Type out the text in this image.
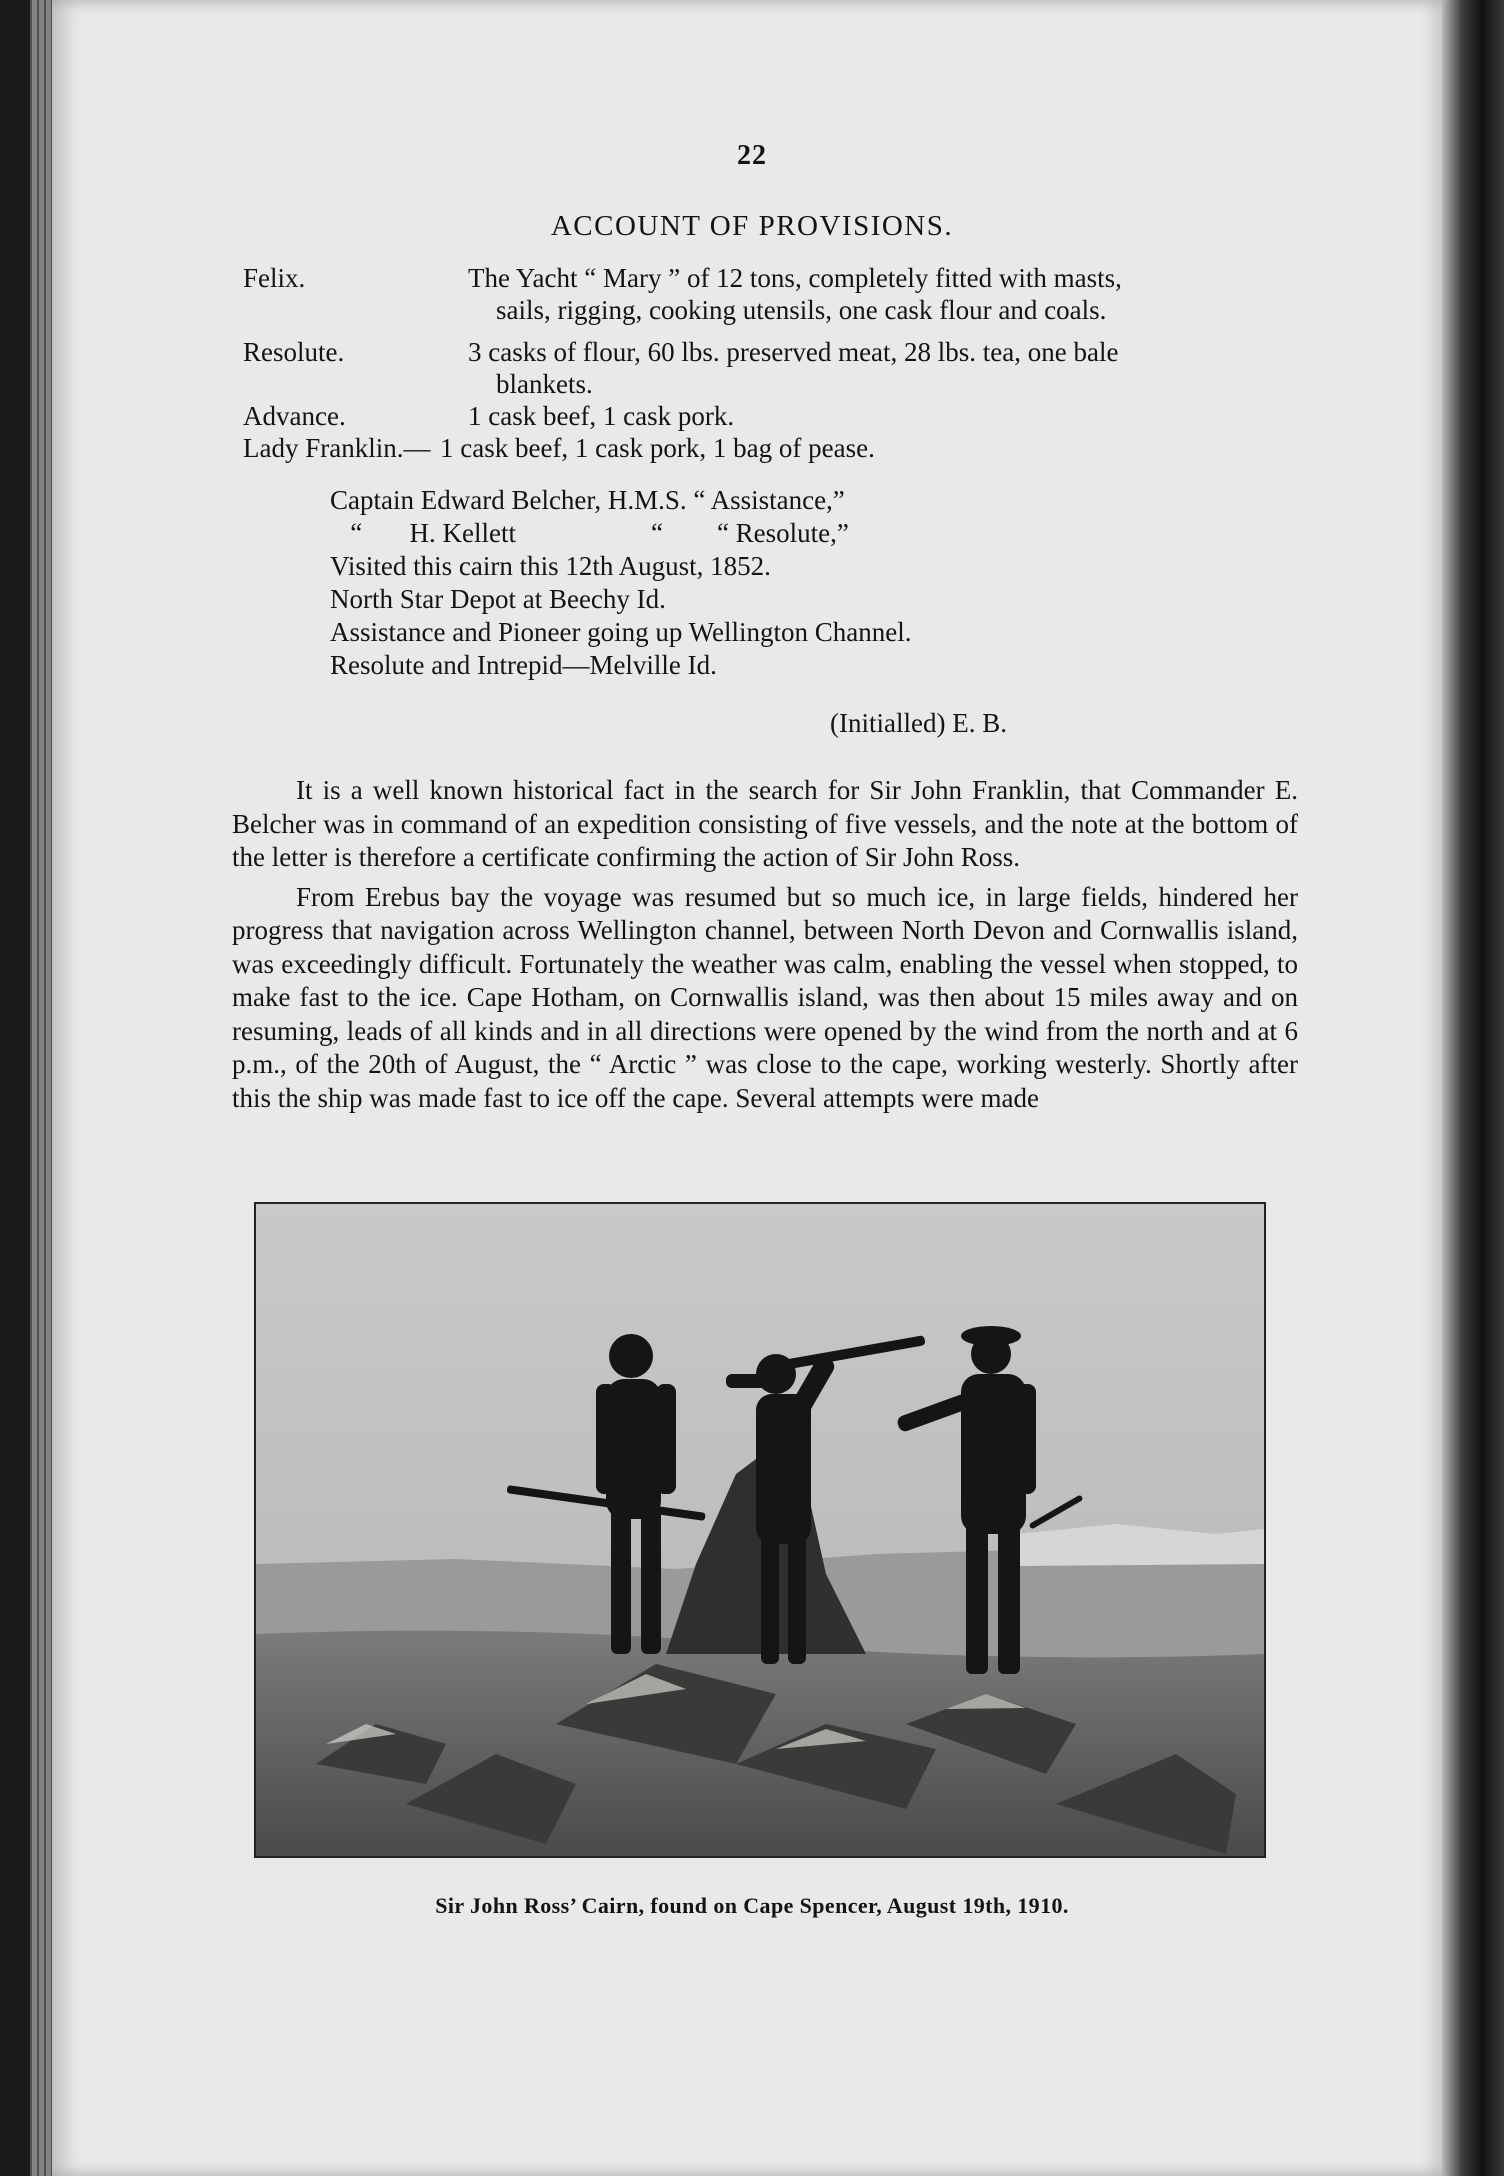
22
ACCOUNT OF PROVISIONS.
Felix.	The Yacht “ Mary ” of 12 tons, completely fitted with masts,
sails, rigging, cooking utensils, one cask flour and coals.
Resolute.	3 casks of flour, 60 lbs. preserved meat, 28 lbs. tea, one bale
blankets.
Advance.	1 cask beef, 1 cask pork.
Lady Franklin.— 1 cask beef, 1 cask pork, 1 bag of pease.
Captain Edward Belcher, H.M.S. “ Assistance,”
“       H. Kellett                    “        “ Resolute,”
Visited this cairn this 12th August, 1852.
North Star Depot at Beechy Id.
Assistance and Pioneer going up Wellington Channel.
Resolute and Intrepid—Melville Id.
(Initialled) E. B.

It is a well known historical fact in the search for Sir John Franklin, that Commander E. Belcher was in command of an expedition consisting of five vessels, and the note at the bottom of the letter is therefore a certificate confirming the action of Sir John Ross.

From Erebus bay the voyage was resumed but so much ice, in large fields, hindered her progress that navigation across Wellington channel, between North Devon and Cornwallis island, was exceedingly difficult. Fortunately the weather was calm, enabling the vessel when stopped, to make fast to the ice. Cape Hotham, on Cornwallis island, was then about 15 miles away and on resuming, leads of all kinds and in all directions were opened by the wind from the north and at 6 p.m., of the 20th of August, the “ Arctic ” was close to the cape, working westerly. Shortly after this the ship was made fast to ice off the cape. Several attempts were made

Sir John Ross’ Cairn, found on Cape Spencer, August 19th, 1910.
